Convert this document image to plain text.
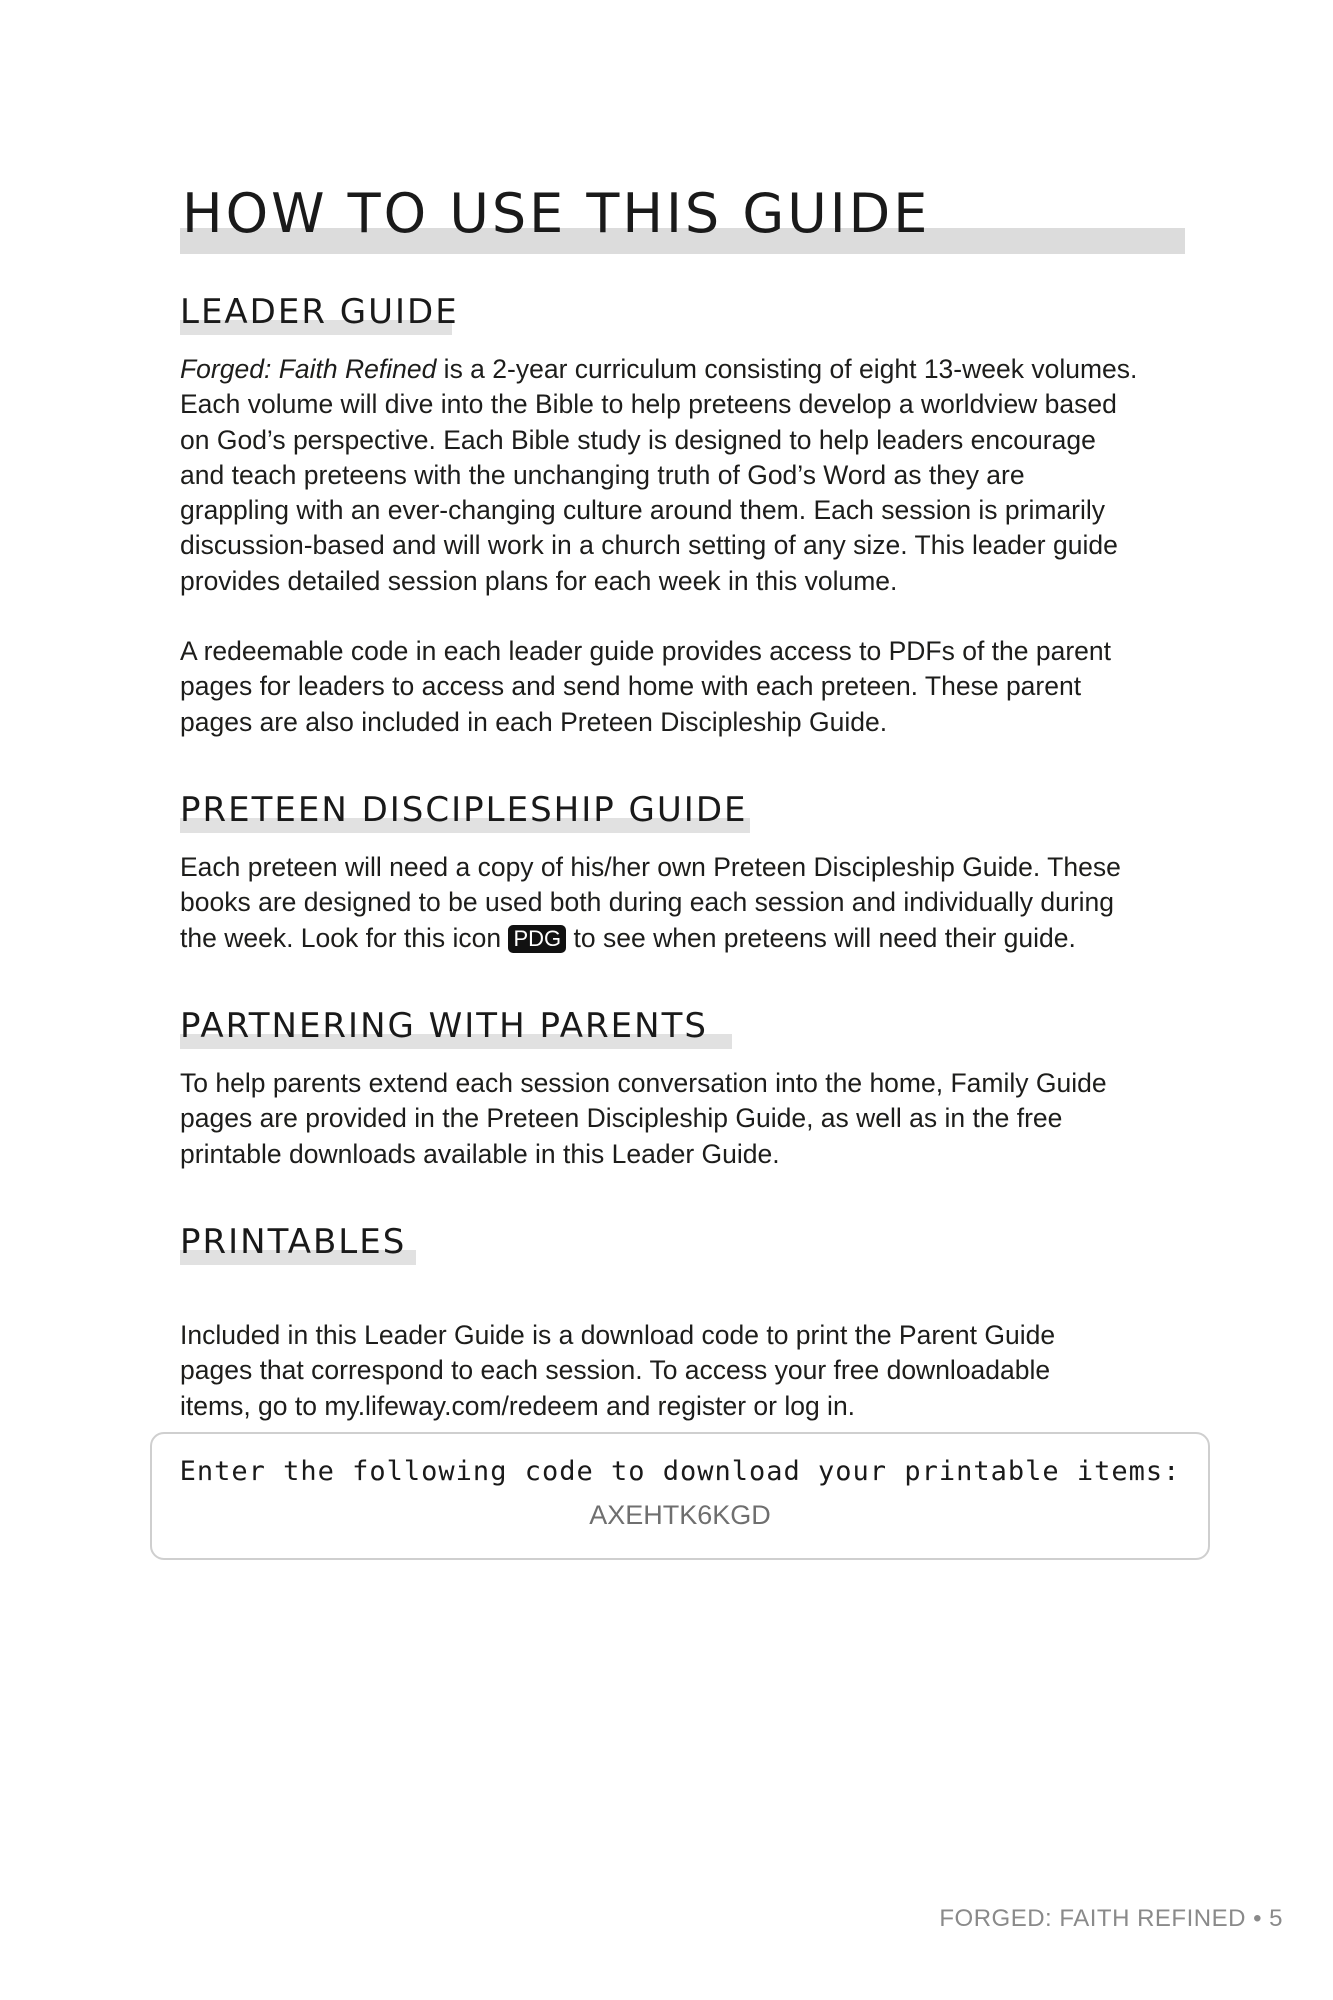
HOW TO USE THIS GUIDE
LEADER GUIDE
Forged: Faith Refined is a 2-year curriculum consisting of eight 13-week volumes.
Each volume will dive into the Bible to help preteens develop a worldview based
on God’s perspective. Each Bible study is designed to help leaders encourage
and teach preteens with the unchanging truth of God’s Word as they are
grappling with an ever-changing culture around them. Each session is primarily
discussion-based and will work in a church setting of any size. This leader guide
provides detailed session plans for each week in this volume.
A redeemable code in each leader guide provides access to PDFs of the parent
pages for leaders to access and send home with each preteen. These parent
pages are also included in each Preteen Discipleship Guide.
PRETEEN DISCIPLESHIP GUIDE
Each preteen will need a copy of his/her own Preteen Discipleship Guide. These
books are designed to be used both during each session and individually during
the week. Look for this icon PDG to see when preteens will need their guide.
PARTNERING WITH PARENTS
To help parents extend each session conversation into the home, Family Guide
pages are provided in the Preteen Discipleship Guide, as well as in the free
printable downloads available in this Leader Guide.
PRINTABLES
Included in this Leader Guide is a download code to print the Parent Guide
pages that correspond to each session. To access your free downloadable
items, go to my.lifeway.com/redeem and register or log in.
Enter the following code to download your printable items:
AXEHTK6KGD
FORGED: FAITH REFINED • 5
